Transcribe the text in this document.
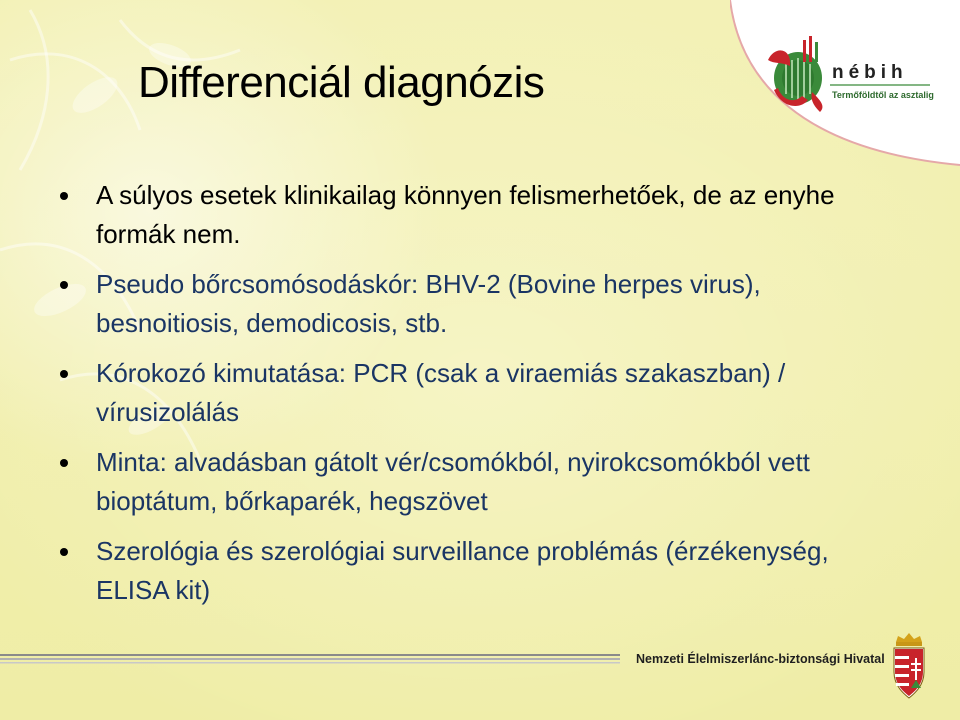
nébih
Termőföldtől az asztalig
Differenciál diagnózis
A súlyos esetek klinikailag könnyen felismerhetőek, de az enyhe formák nem.
Pseudo bőrcsomósodáskór: BHV-2 (Bovine herpes virus), besnoitiosis, demodicosis, stb.
Kórokozó kimutatása: PCR (csak a viraemiás szakaszban) / vírusizolálás
Minta: alvadásban gátolt vér/csomókból, nyirokcsomókból vett bioptátum, bőrkaparék, hegszövet
Szerológia és szerológiai surveillance problémás (érzékenység, ELISA kit)
Nemzeti Élelmiszerlánc-biztonsági Hivatal
